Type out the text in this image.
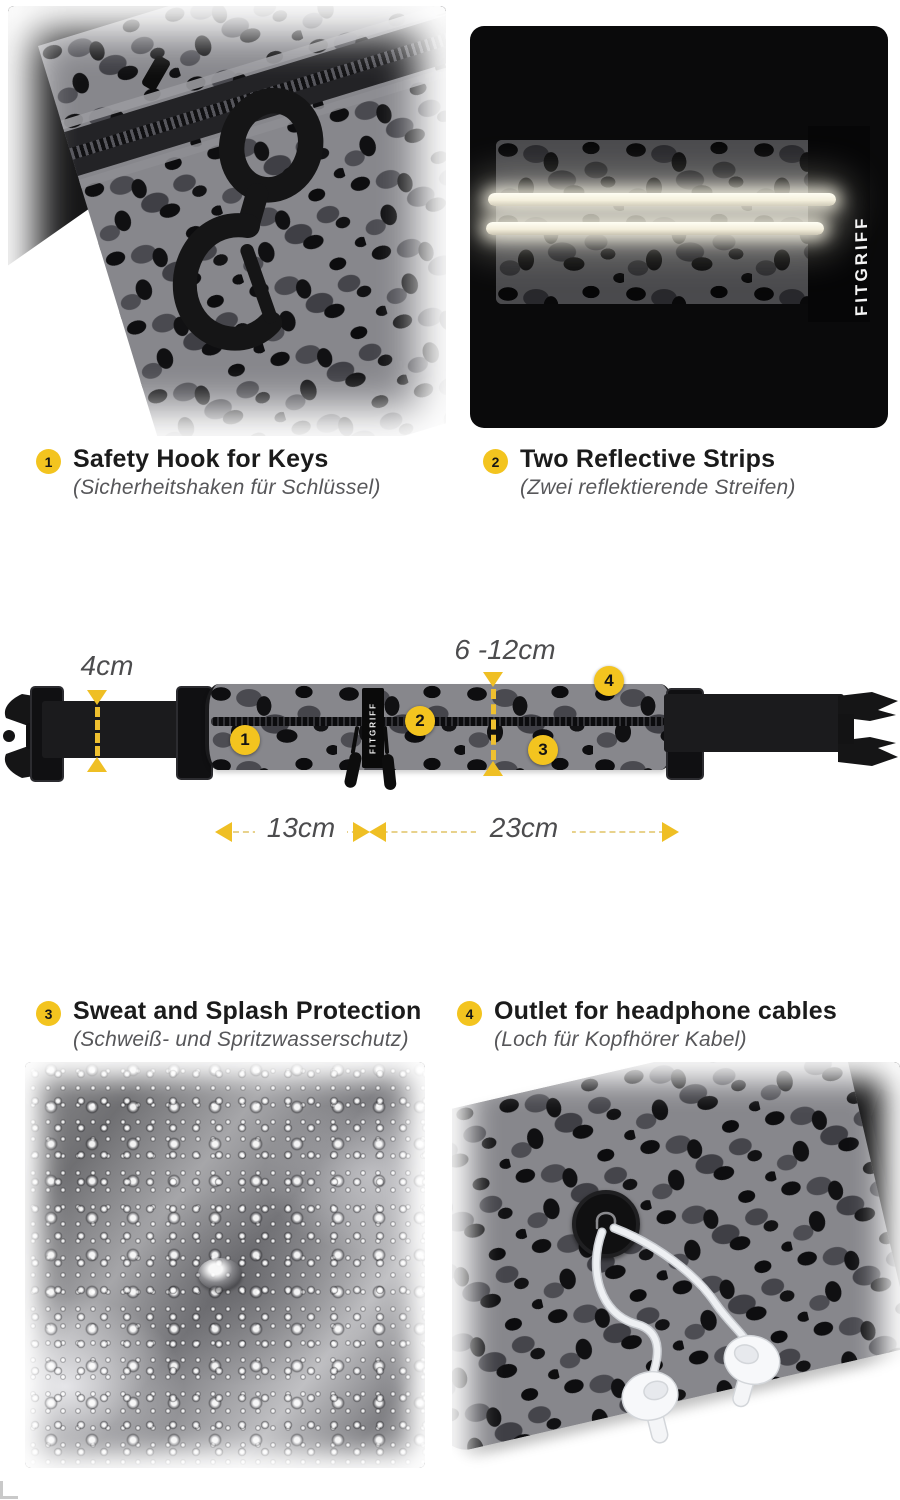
FITGRIFF
1 Safety Hook for Keys
(Sicherheitshaken für Schlüssel)
2 Two Reflective Strips
(Zwei reflektierende Streifen)
FITGRIFF
1
2
3
4
4cm
6 -12cm
13cm	23cm
3 Sweat and Splash Protection
(Schweiß- und Spritzwasserschutz)
4 Outlet for headphone cables
(Loch für Kopfhörer Kabel)
